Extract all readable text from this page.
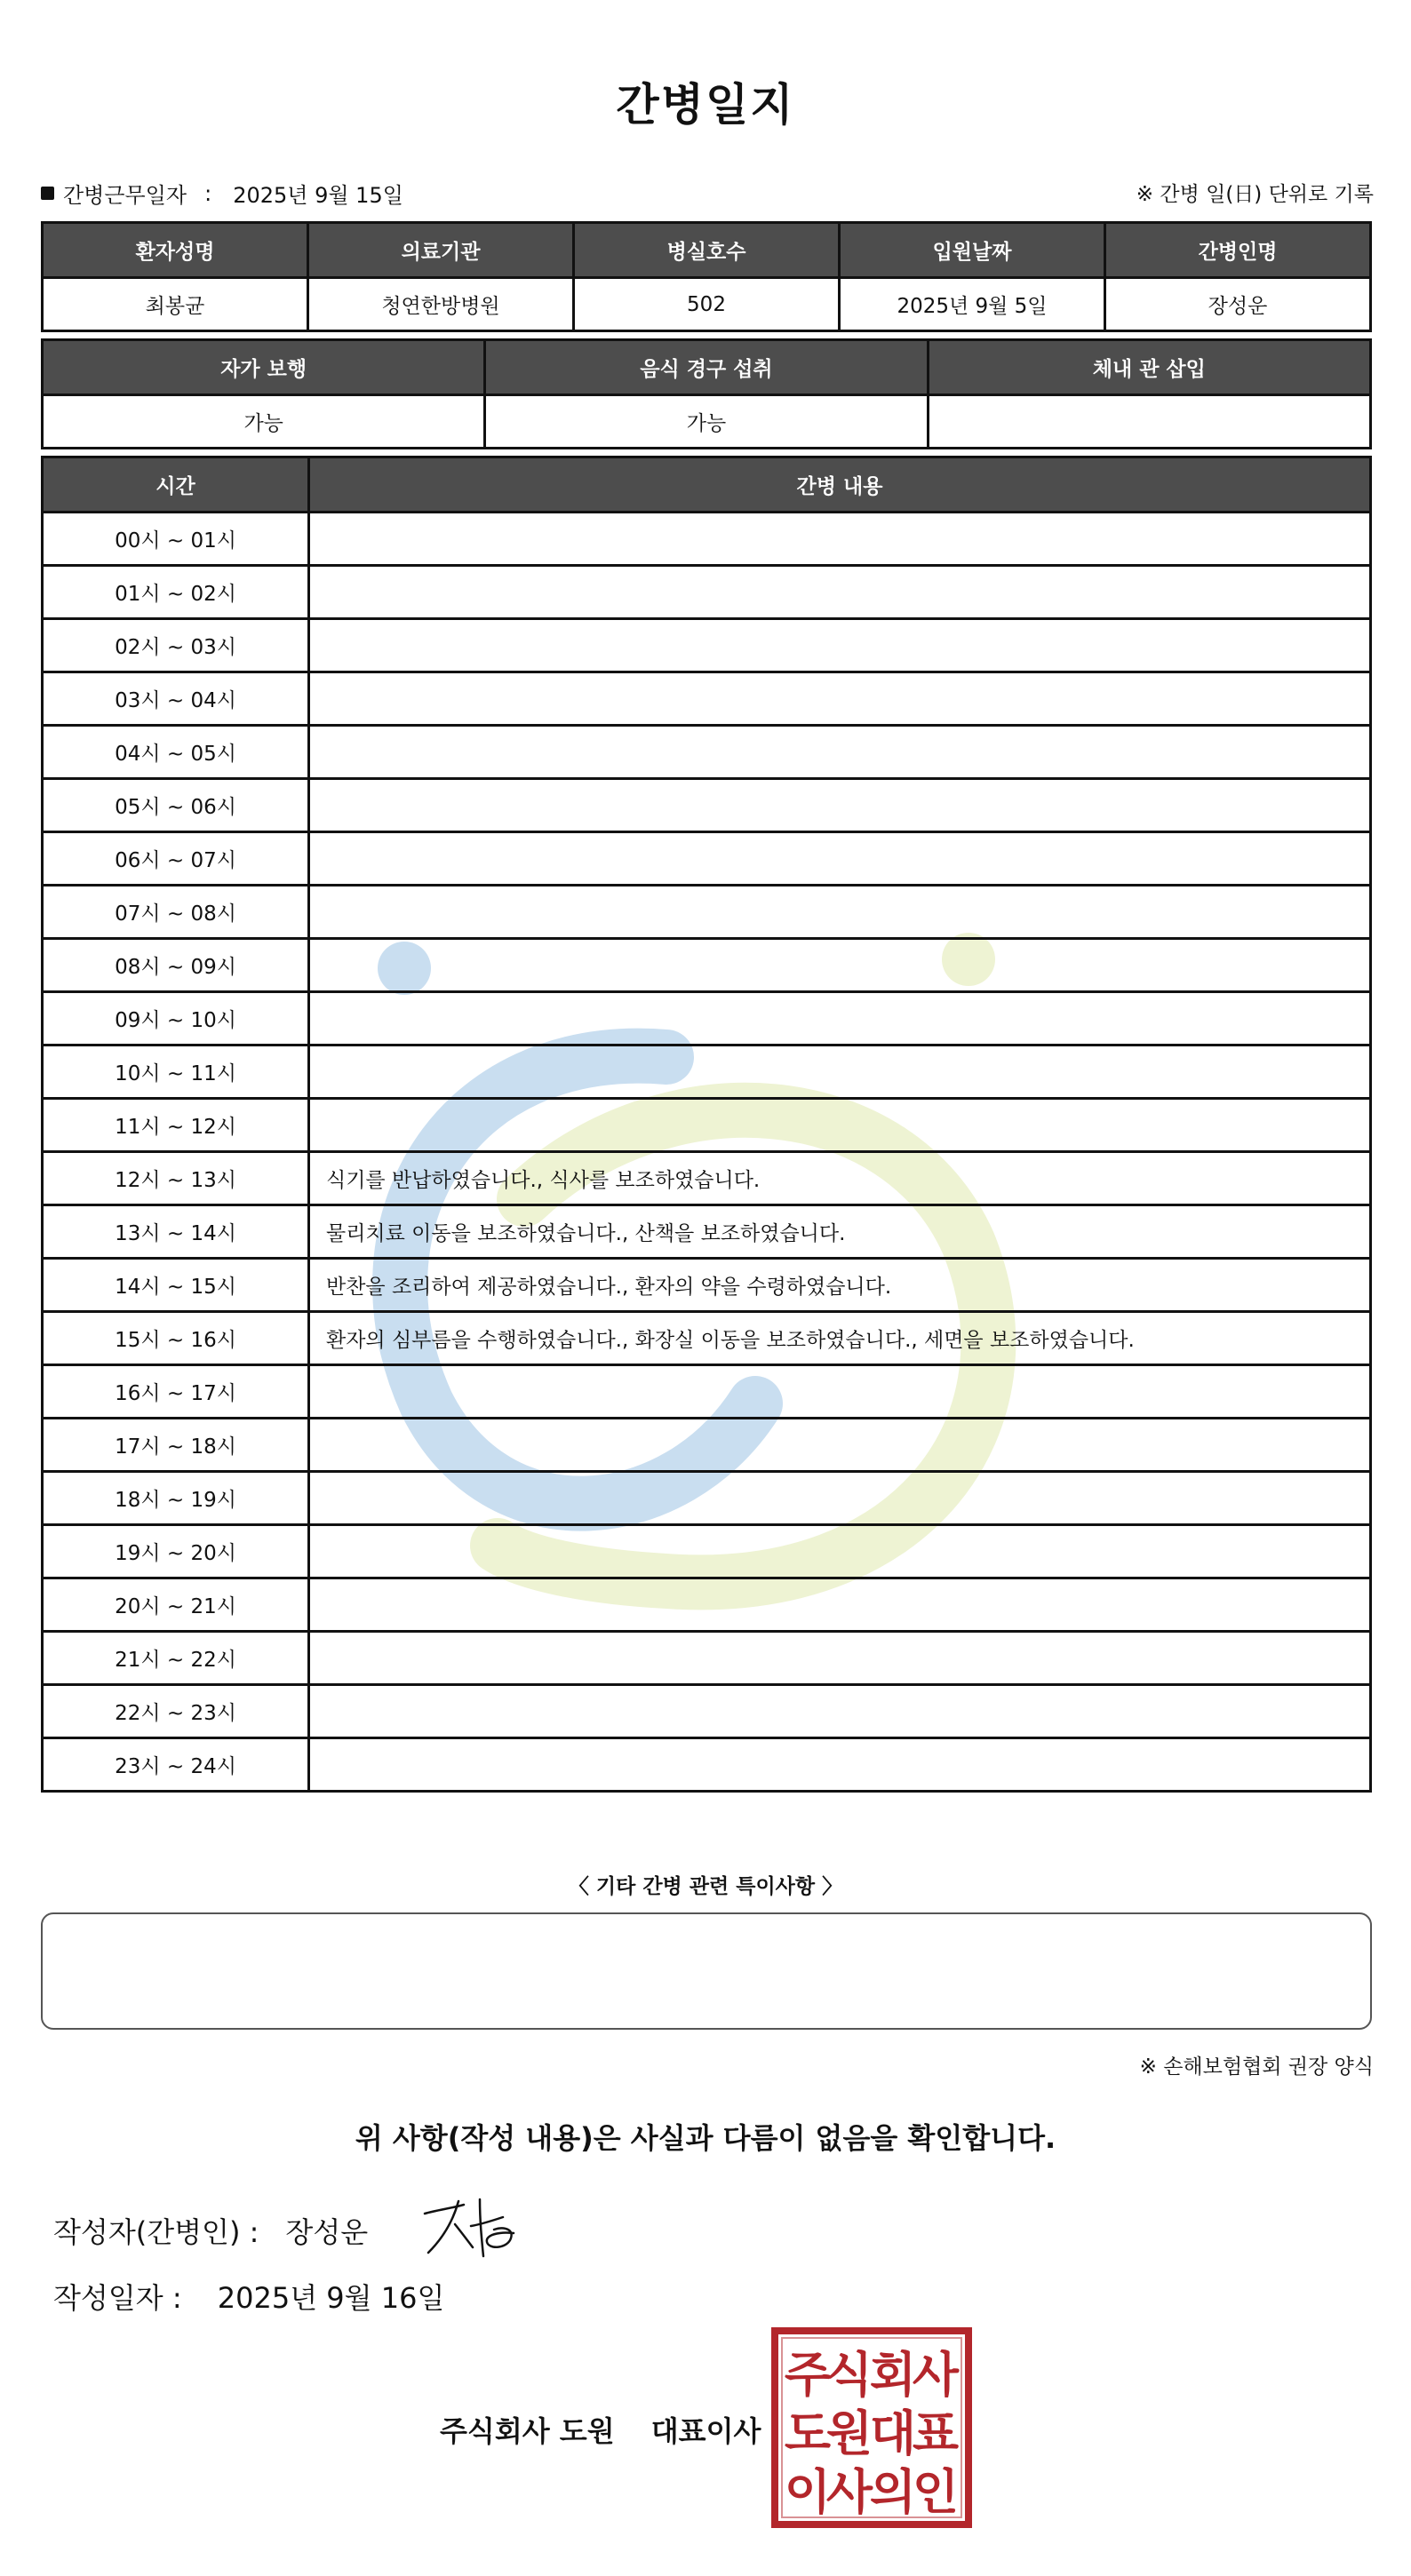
간병일지
간병근무일자 : 2025년 9월 15일	※ 간병 일(日) 단위로 기록
환자성명	의료기관	병실호수	입원날짜	간병인명
최봉균	청연한방병원	502	2025년 9월 5일	장성운
자가 보행	음식 경구 섭취	체내 관 삽입
가능	가능	
시간	간병 내용
00시 ~ 01시	
01시 ~ 02시	
02시 ~ 03시	
03시 ~ 04시	
04시 ~ 05시	
05시 ~ 06시	
06시 ~ 07시	
07시 ~ 08시	
08시 ~ 09시	
09시 ~ 10시	
10시 ~ 11시	
11시 ~ 12시	
12시 ~ 13시	식기를 반납하였습니다., 식사를 보조하였습니다.
13시 ~ 14시	물리치료 이동을 보조하였습니다., 산책을 보조하였습니다.
14시 ~ 15시	반찬을 조리하여 제공하였습니다., 환자의 약을 수령하였습니다.
15시 ~ 16시	환자의 심부름을 수행하였습니다., 화장실 이동을 보조하였습니다., 세면을 보조하였습니다.
16시 ~ 17시	
17시 ~ 18시	
18시 ~ 19시	
19시 ~ 20시	
20시 ~ 21시	
21시 ~ 22시	
22시 ~ 23시	
23시 ~ 24시	
〈 기타 간병 관련 특이사항 〉
※ 손해보험협회 권장 양식
위 사항(작성 내용)은 사실과 다름이 없음을 확인합니다.
작성자(간병인) : 장성운
작성일자 : 2025년 9월 16일
주식회사 도원 대표이사
주
식
회
사
도
원
대
표
이
사
의
인
